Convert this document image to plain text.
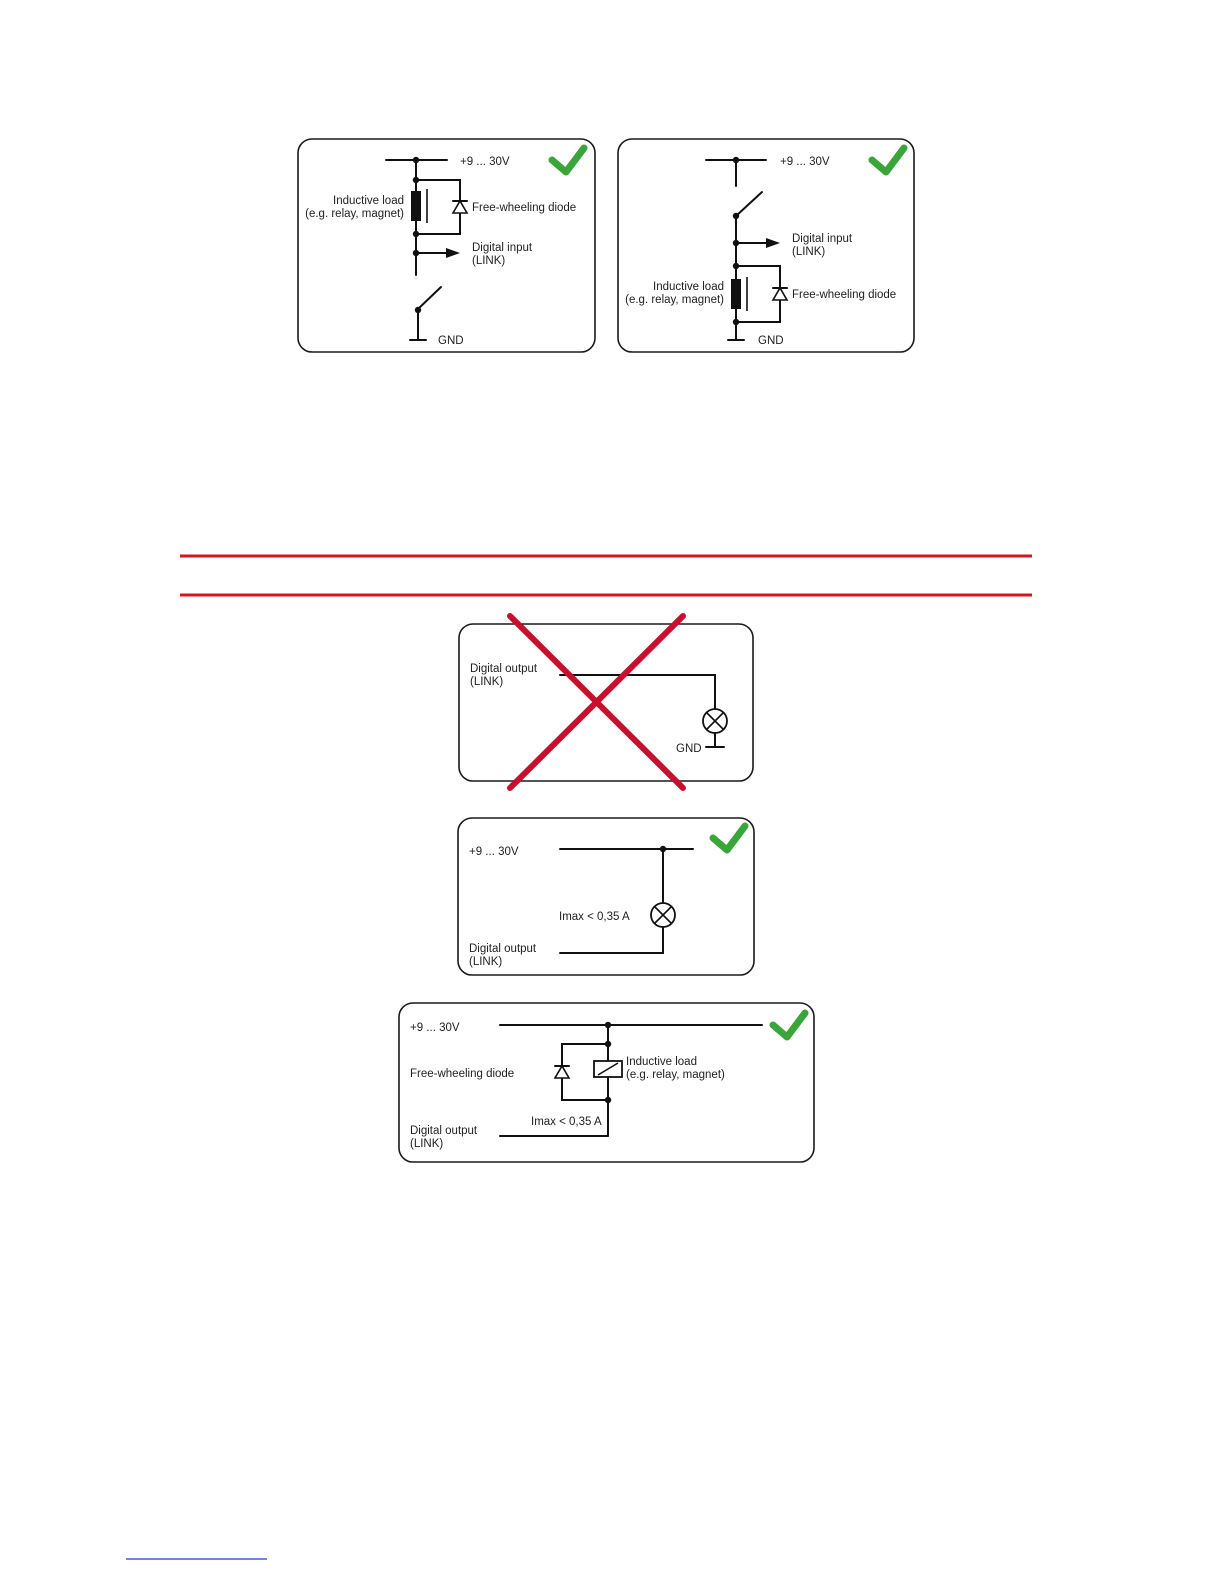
+9 ... 30V
Inductive load
(e.g. relay, magnet)	Free-wheeling diode
Digital input
(LINK)
GND
+9 ... 30V
Digital input
(LINK)
Inductive load
(e.g. relay, magnet)	Free-wheeling diode
GND
Digital output
(LINK)
GND
+9 ... 30V
Imax < 0,35 A
Digital output
(LINK)
+9 ... 30V
Free-wheeling diode
Inductive load
(e.g. relay, magnet)
Imax < 0,35 A
Digital output
(LINK)
